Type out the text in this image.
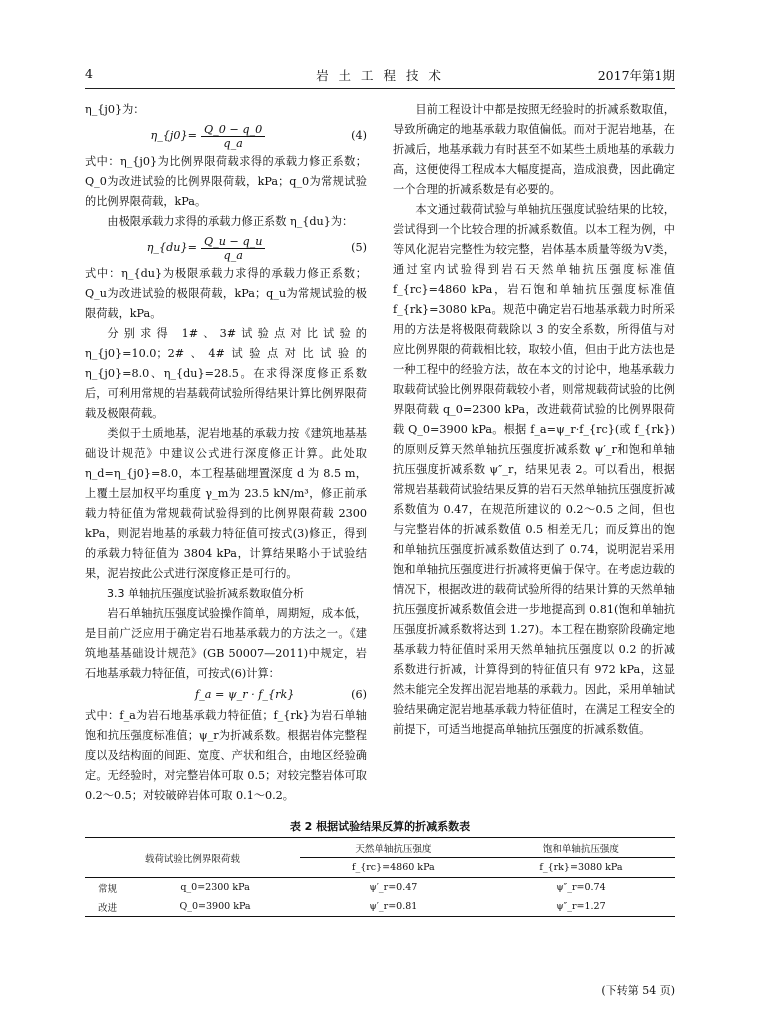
4	岩 土 工 程 技 术	2017年第1期

η_{j0}为：

η_{j0}= $\frac{Q\_0 - q\_0}{q\_a}$	(4)

式中：η_{j0}为比例界限荷载求得的承载力修正系数；Q_0为改进试验的比例界限荷载，kPa；q_0为常规试验的比例界限荷载，kPa。

由极限承载力求得的承载力修正系数 η_{du}为：

η_{du}= $\frac{Q\_u - q\_u}{q\_a}$	(5)

式中：η_{du}为极限承载力求得的承载力修正系数；Q_u为改进试验的极限荷载，kPa；q_u为常规试验的极限荷载，kPa。

分别求得 1#、3#试验点对比试验的 η_{j0}=10.0；2#、4#试验点对比试验的 η_{j0}=8.0、η_{du}=28.5。在求得深度修正系数后，可利用常规的岩基载荷试验所得结果计算比例界限荷载及极限荷载。

类似于土质地基，泥岩地基的承载力按《建筑地基基础设计规范》中建议公式进行深度修正计算。此处取 η_d=η_{j0}=8.0，本工程基础埋置深度 d 为 8.5 m，上覆土层加权平均重度 γ_m为 23.5 kN/m³，修正前承载力特征值为常规载荷试验得到的比例界限荷载 2300 kPa，则泥岩地基的承载力特征值可按式(3)修正，得到的承载力特征值为 3804 kPa，计算结果略小于试验结果，泥岩按此公式进行深度修正是可行的。

3.3 单轴抗压强度试验折减系数取值分析

岩石单轴抗压强度试验操作简单，周期短，成本低，是目前广泛应用于确定岩石地基承载力的方法之一。《建筑地基基础设计规范》(GB 50007—2011)中规定，岩石地基承载力特征值，可按式(6)计算：

f_a = ψ_r · f_{rk}	(6)

式中：f_a为岩石地基承载力特征值；f_{rk}为岩石单轴饱和抗压强度标准值；ψ_r为折减系数。根据岩体完整程度以及结构面的间距、宽度、产状和组合，由地区经验确定。无经验时，对完整岩体可取 0.5；对较完整岩体可取 0.2～0.5；对较破碎岩体可取 0.1～0.2。

目前工程设计中都是按照无经验时的折减系数取值，导致所确定的地基承载力取值偏低。而对于泥岩地基，在折减后，地基承载力有时甚至不如某些土质地基的承载力高，这便使得工程成本大幅度提高，造成浪费，因此确定一个合理的折减系数是有必要的。

本文通过载荷试验与单轴抗压强度试验结果的比较，尝试得到一个比较合理的折减系数值。以本工程为例，中等风化泥岩完整性为较完整，岩体基本质量等级为Ⅴ类，通过室内试验得到岩石天然单轴抗压强度标准值 f_{rc}=4860 kPa，岩石饱和单轴抗压强度标准值 f_{rk}=3080 kPa。规范中确定岩石地基承载力时所采用的方法是将极限荷载除以 3 的安全系数，所得值与对应比例界限的荷载相比较，取较小值，但由于此方法也是一种工程中的经验方法，故在本文的讨论中，地基承载力取载荷试验比例界限荷载较小者，则常规载荷试验的比例界限荷载 q_0=2300 kPa，改进载荷试验的比例界限荷载 Q_0=3900 kPa。根据 f_a=ψ_r·f_{rc}(或 f_{rk})的原则反算天然单轴抗压强度折减系数 ψ′_r和饱和单轴抗压强度折减系数 ψ″_r，结果见表 2。可以看出，根据常规岩基载荷试验结果反算的岩石天然单轴抗压强度折减系数值为 0.47，在规范所建议的 0.2～0.5 之间，但也与完整岩体的折减系数值 0.5 相差无几；而反算出的饱和单轴抗压强度折减系数值达到了 0.74，说明泥岩采用饱和单轴抗压强度进行折减将更偏于保守。在考虑边载的情况下，根据改进的载荷试验所得的结果计算的天然单轴抗压强度折减系数值会进一步地提高到 0.81(饱和单轴抗压强度折减系数将达到 1.27)。本工程在勘察阶段确定地基承载力特征值时采用天然单轴抗压强度以 0.2 的折减系数进行折减，计算得到的特征值只有 972 kPa，这显然未能完全发挥出泥岩地基的承载力。因此，采用单轴试验结果确定泥岩地基承载力特征值时，在满足工程安全的前提下，可适当地提高单轴抗压强度的折减系数值。

表 2 根据试验结果反算的折减系数表
载荷试验比例界限荷载		天然单轴抗压强度	饱和单轴抗压强度
		f_{rc}=4860 kPa	f_{rk}=3080 kPa
常规	q_0=2300 kPa	ψ′_r=0.47	ψ″_r=0.74
改进	Q_0=3900 kPa	ψ′_r=0.81	ψ″_r=1.27
(下转第 54 页)
